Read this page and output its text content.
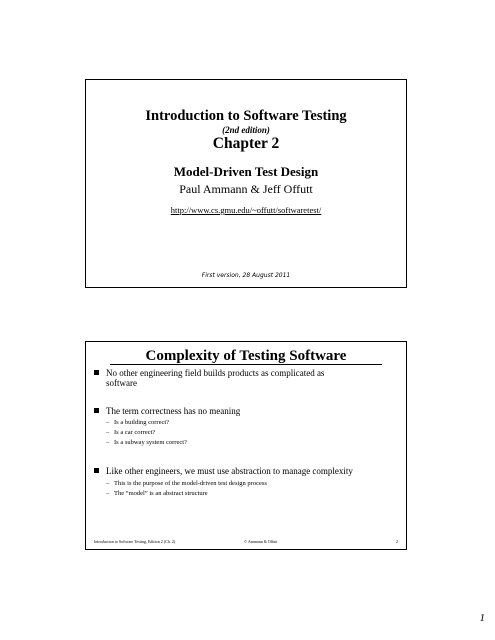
Introduction to Software Testing
(2nd edition)
Chapter 2
Model-Driven Test Design
Paul Ammann & Jeff Offutt
http://www.cs.gmu.edu/~offutt/softwaretest/
First version, 28 August 2011
Complexity of Testing Software
No other engineering field builds products as complicated as
software
The term correctness has no meaning
– Is a building correct?
– Is a car correct?
– Is a subway system correct?
Like other engineers, we must use abstraction to manage complexity
– This is the purpose of the model-driven test design process
– The “model” is an abstract structure
Introduction to Software Testing, Edition 2 (Ch. 2)	© Ammann & Offutt	2
1
